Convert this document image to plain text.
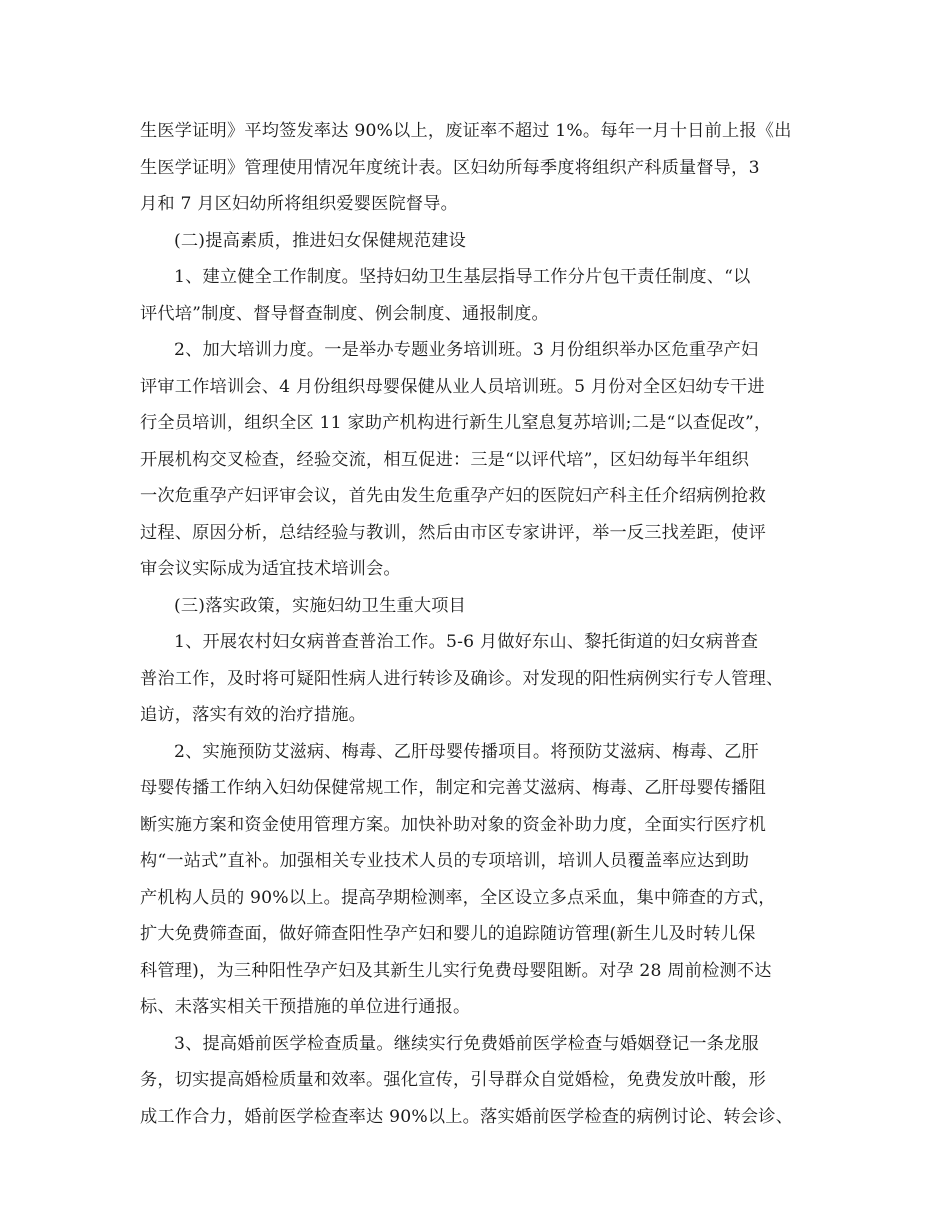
生医学证明》平均签发率达 90%以上，废证率不超过 1%。每年一月十日前上报《出
生医学证明》管理使用情况年度统计表。区妇幼所每季度将组织产科质量督导，3
月和 7 月区妇幼所将组织爱婴医院督导。
(二)提高素质，推进妇女保健规范建设
1、建立健全工作制度。坚持妇幼卫生基层指导工作分片包干责任制度、“以
评代培”制度、督导督查制度、例会制度、通报制度。
2、加大培训力度。一是举办专题业务培训班。3 月份组织举办区危重孕产妇
评审工作培训会、4 月份组织母婴保健从业人员培训班。5 月份对全区妇幼专干进
行全员培训，组织全区 11 家助产机构进行新生儿窒息复苏培训;二是“以查促改”，
开展机构交叉检查，经验交流，相互促进：三是“以评代培”，区妇幼每半年组织
一次危重孕产妇评审会议，首先由发生危重孕产妇的医院妇产科主任介绍病例抢救
过程、原因分析，总结经验与教训，然后由市区专家讲评，举一反三找差距，使评
审会议实际成为适宜技术培训会。
(三)落实政策，实施妇幼卫生重大项目
1、开展农村妇女病普查普治工作。5-6 月做好东山、黎托街道的妇女病普查
普治工作，及时将可疑阳性病人进行转诊及确诊。对发现的阳性病例实行专人管理、
追访，落实有效的治疗措施。
2、实施预防艾滋病、梅毒、乙肝母婴传播项目。将预防艾滋病、梅毒、乙肝
母婴传播工作纳入妇幼保健常规工作，制定和完善艾滋病、梅毒、乙肝母婴传播阻
断实施方案和资金使用管理方案。加快补助对象的资金补助力度，全面实行医疗机
构“一站式”直补。加强相关专业技术人员的专项培训，培训人员覆盖率应达到助
产机构人员的 90%以上。提高孕期检测率，全区设立多点采血，集中筛查的方式，
扩大免费筛查面，做好筛查阳性孕产妇和婴儿的追踪随访管理(新生儿及时转儿保
科管理)，为三种阳性孕产妇及其新生儿实行免费母婴阻断。对孕 28 周前检测不达
标、未落实相关干预措施的单位进行通报。
3、提高婚前医学检查质量。继续实行免费婚前医学检查与婚姻登记一条龙服
务，切实提高婚检质量和效率。强化宣传，引导群众自觉婚检，免费发放叶酸，形
成工作合力，婚前医学检查率达 90%以上。落实婚前医学检查的病例讨论、转会诊、
